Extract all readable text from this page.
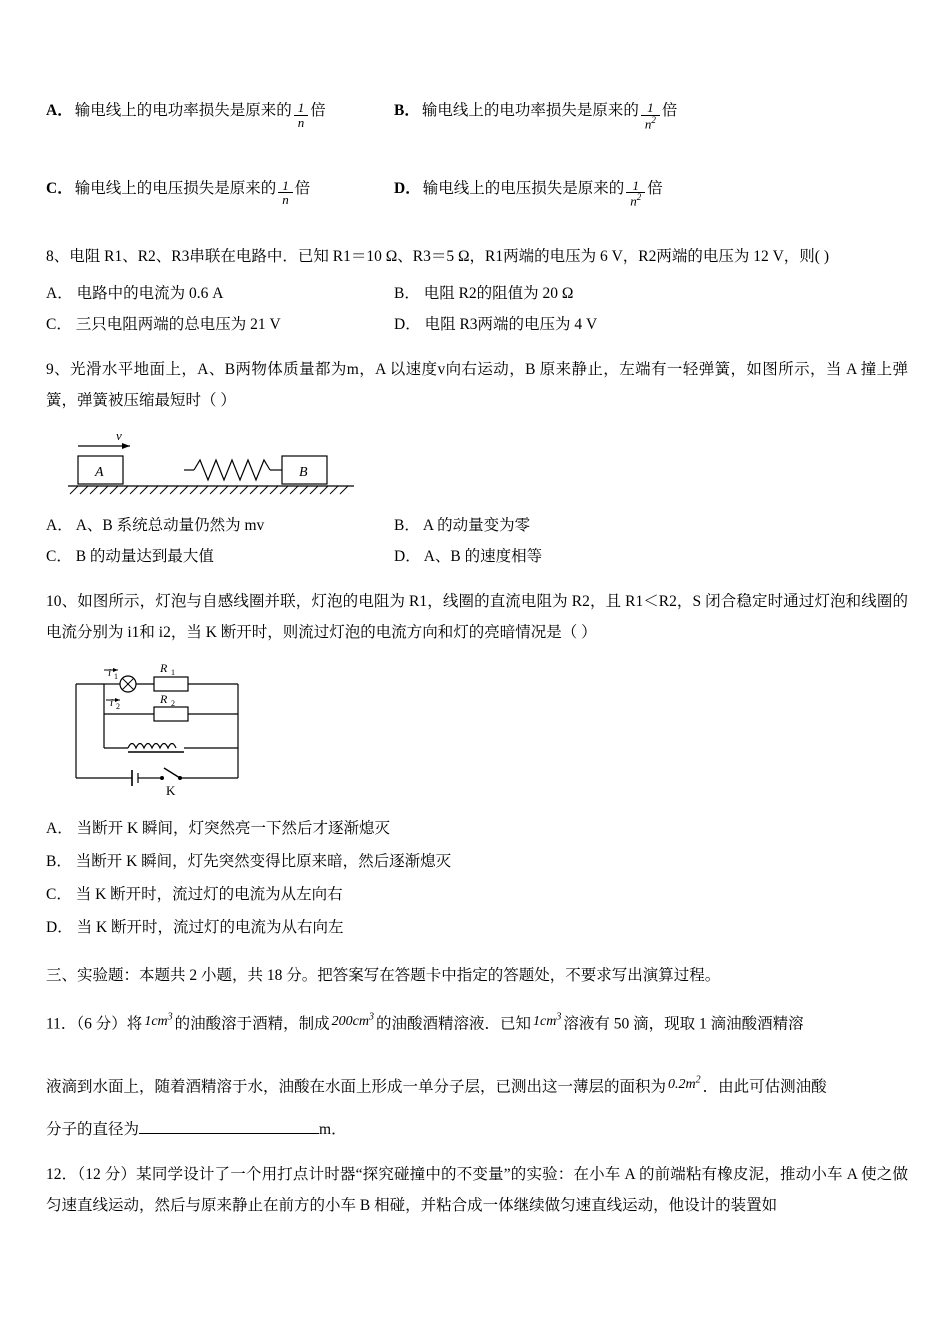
A． 输电线上的电功率损失是原来的 $\frac{1}{n}$ 倍	B． 输电线上的电功率损失是原来的 $\frac{1}{n^2}$ 倍
C． 输电线上的电压损失是原来的 $\frac{1}{n}$ 倍	D． 输电线上的电压损失是原来的 $\frac{1}{n^2}$ 倍
8、电阻 R1、R2、R3串联在电路中．已知 R1＝10 Ω、R3＝5 Ω，R1两端的电压为 6 V，R2两端的电压为 12 V，则( )
A． 电路中的电流为 0.6 A	B． 电阻 R2的阻值为 20 Ω
C． 三只电阻两端的总电压为 21 V	D． 电阻 R3两端的电压为 4 V
9、光滑水平地面上，A、B两物体质量都为m，A 以速度v向右运动，B 原来静止，左端有一轻弹簧，如图所示，当 A 撞上弹簧，弹簧被压缩最短时（ ）
v
A	B
A． A、B 系统总动量仍然为 mv	B． A 的动量变为零
C． B 的动量达到最大值	D． A、B 的速度相等
10、如图所示，灯泡与自感线圈并联，灯泡的电阻为 R1，线圈的直流电阻为 R2，且 R1＜R2，S 闭合稳定时通过灯泡和线圈的电流分别为 i1和 i2，当 K 断开时，则流过灯泡的电流方向和灯的亮暗情况是（ ）
R 1
i 1
R 2
i 2
K
A． 当断开 K 瞬间，灯突然亮一下然后才逐渐熄灭
B． 当断开 K 瞬间，灯先突然变得比原来暗，然后逐渐熄灭
C． 当 K 断开时，流过灯的电流为从左向右
D． 当 K 断开时，流过灯的电流为从右向左
三、实验题：本题共 2 小题，共 18 分。把答案写在答题卡中指定的答题处，不要求写出演算过程。
11．（6 分）将 $1cm^3$ 的油酸溶于酒精，制成 $200cm^3$ 的油酸酒精溶液．已知 $1cm^3$ 溶液有 50 滴，现取 1 滴油酸酒精溶
液滴到水面上，随着酒精溶于水，油酸在水面上形成一单分子层，已测出这一薄层的面积为 $0.2m^2$ ．由此可估测油酸
分子的直径为	m．
12．（12 分）某同学设计了一个用打点计时器“探究碰撞中的不变量”的实验：在小车 A 的前端粘有橡皮泥，推动小车 A 使之做匀速直线运动，然后与原来静止在前方的小车 B 相碰，并粘合成一体继续做匀速直线运动，他设计的装置如
